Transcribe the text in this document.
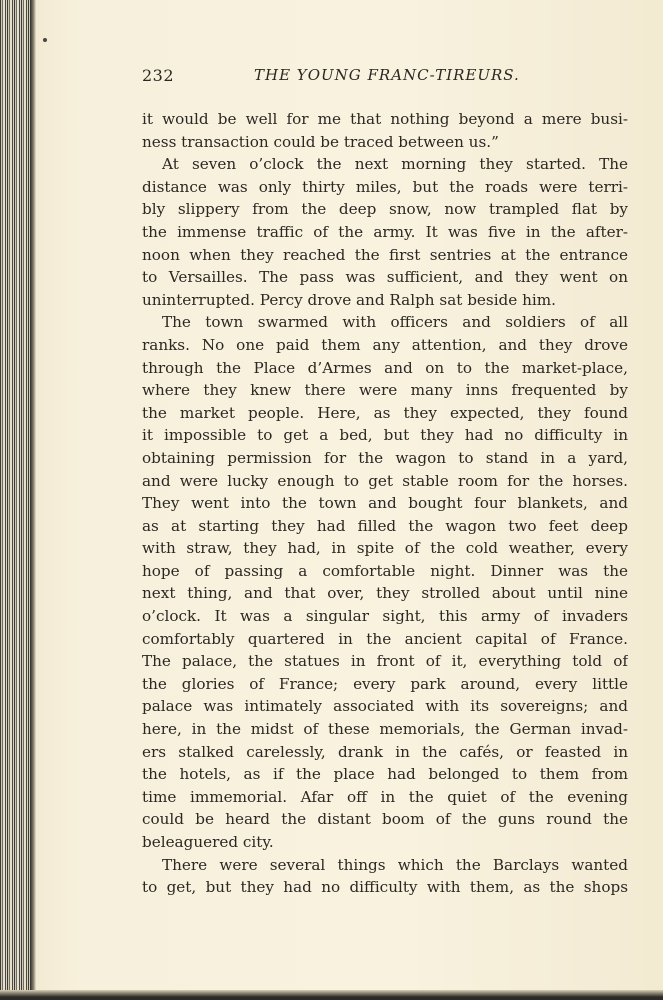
232	THE YOUNG FRANC-TIREURS.
it would be well for me that nothing beyond a mere busi-
ness transaction could be traced between us.”
At seven o’clock the next morning they started. The
distance was only thirty miles, but the roads were terri-
bly slippery from the deep snow, now trampled flat by
the immense traffic of the army. It was five in the after-
noon when they reached the first sentries at the entrance
to Versailles. The pass was sufficient, and they went on
uninterrupted. Percy drove and Ralph sat beside him.
The town swarmed with officers and soldiers of all
ranks. No one paid them any attention, and they drove
through the Place d’Armes and on to the market-place,
where they knew there were many inns frequented by
the market people. Here, as they expected, they found
it impossible to get a bed, but they had no difficulty in
obtaining permission for the wagon to stand in a yard,
and were lucky enough to get stable room for the horses.
They went into the town and bought four blankets, and
as at starting they had filled the wagon two feet deep
with straw, they had, in spite of the cold weather, every
hope of passing a comfortable night. Dinner was the
next thing, and that over, they strolled about until nine
o’clock. It was a singular sight, this army of invaders
comfortably quartered in the ancient capital of France.
The palace, the statues in front of it, everything told of
the glories of France; every park around, every little
palace was intimately associated with its sovereigns; and
here, in the midst of these memorials, the German invad-
ers stalked carelessly, drank in the cafés, or feasted in
the hotels, as if the place had belonged to them from
time immemorial. Afar off in the quiet of the evening
could be heard the distant boom of the guns round the
beleaguered city.
There were several things which the Barclays wanted
to get, but they had no difficulty with them, as the shops
